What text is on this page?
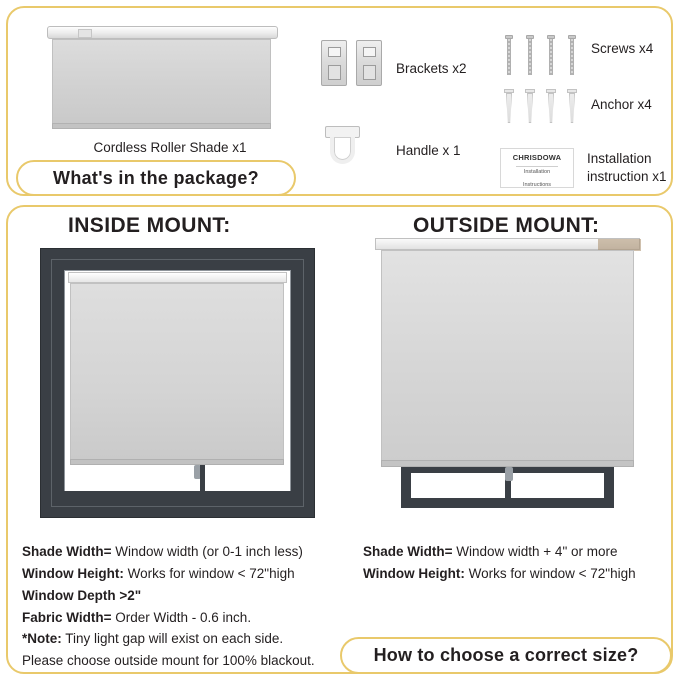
Cordless Roller Shade x1
Brackets x2
Handle x 1
Screws x4
Anchor x4
CHRISDOWA
Installation
Instructions
Installation instruction x1
What's in the package?
INSIDE MOUNT:	OUTSIDE MOUNT:
Shade Width= Window width (or 0-1 inch less)
Window Height: Works for window < 72"high
Window Depth >2"
Fabric Width= Order Width - 0.6 inch.
*Note: Tiny light gap will exist on each side.
Please choose outside mount for 100% blackout.
Shade Width= Window width + 4" or more
Window Height: Works for window < 72"high
How to choose a correct size?
